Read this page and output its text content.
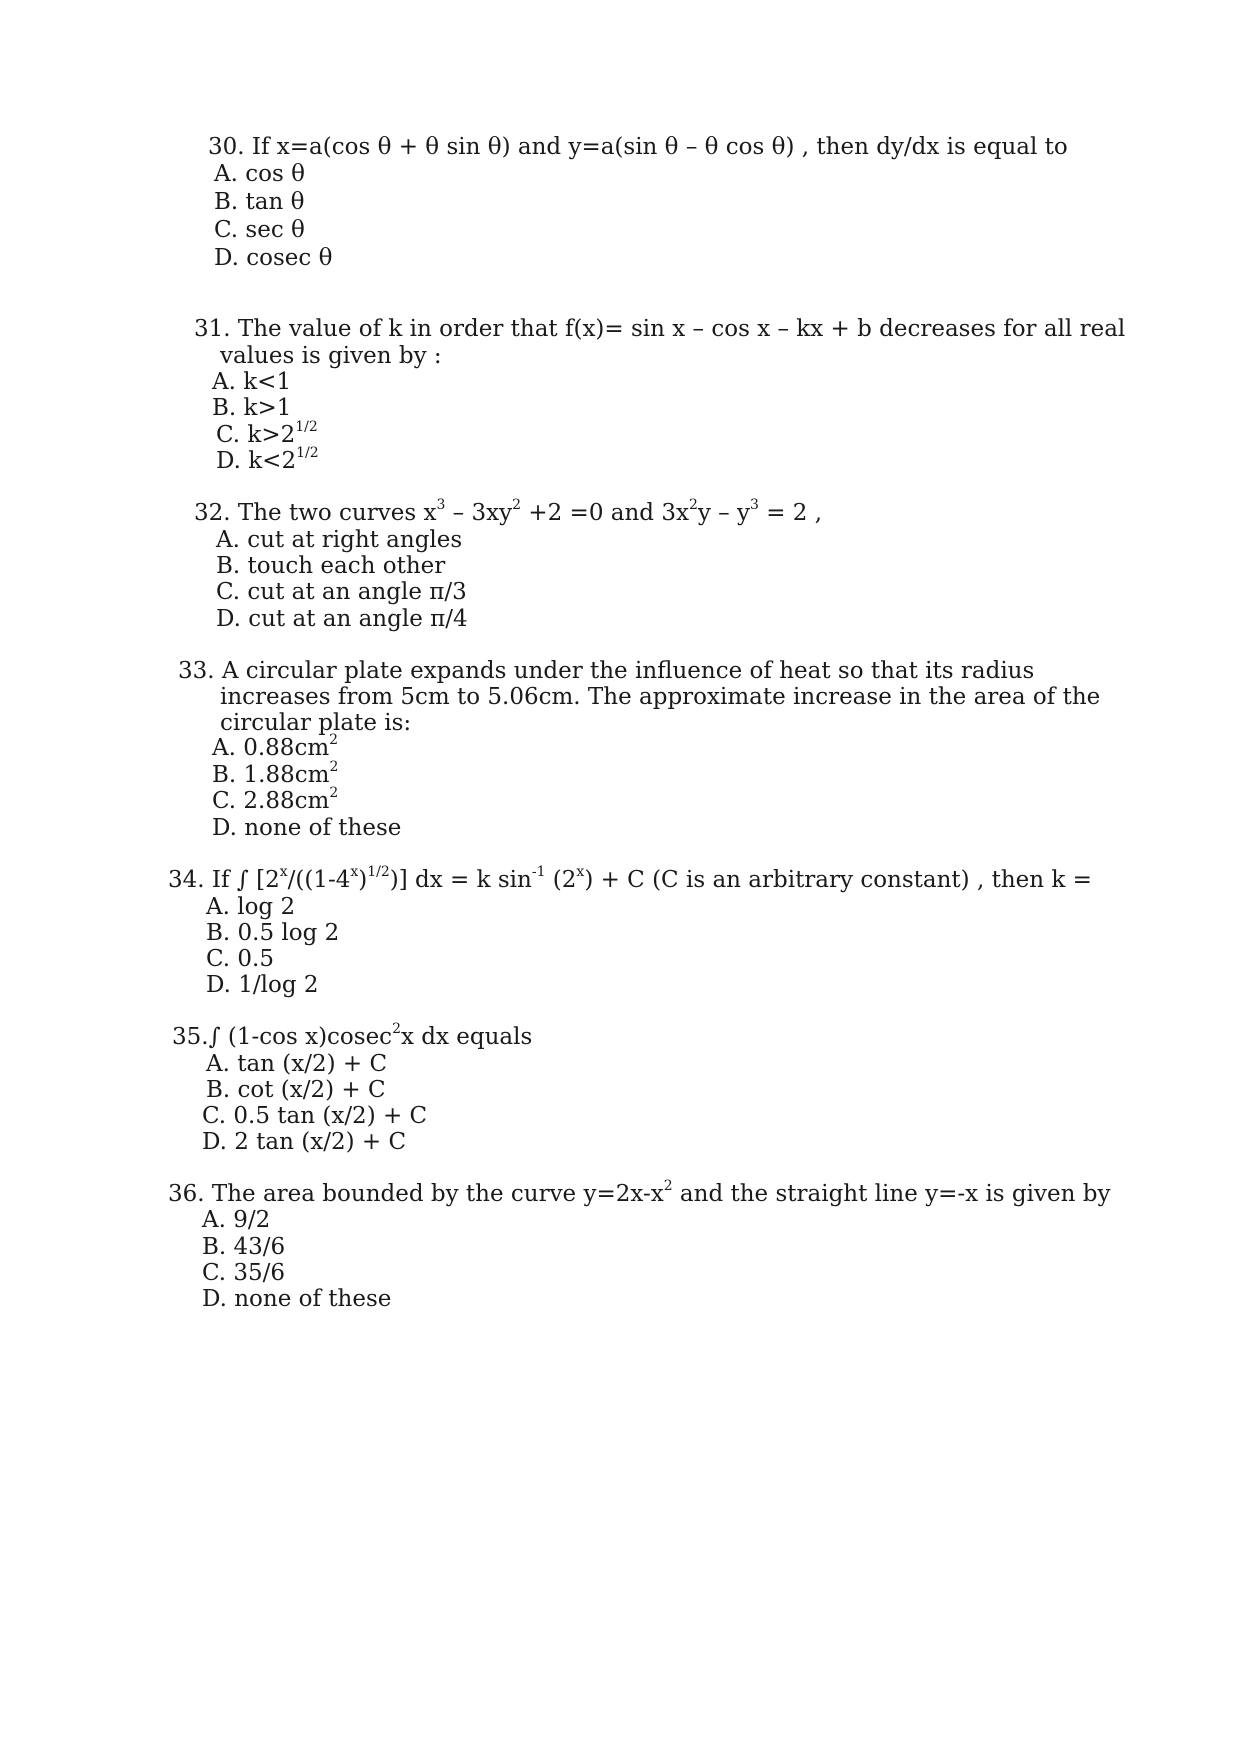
30. If x=a(cos θ + θ sin θ) and y=a(sin θ – θ cos θ) , then dy/dx is equal to
A. cos θ
B. tan θ
C. sec θ
D. cosec θ
31. The value of k in order that f(x)= sin x – cos x – kx + b decreases for all real
values is given by :
A. k<1
B. k>1
C. $k>2^{1/2}$
D. $k<2^{1/2}$
32. The two curves $x^3 - 3xy^2 +2 =0$ and $3x^2y - y^3 = 2$ ,
A. cut at right angles
B. touch each other
C. cut at an angle π/3
D. cut at an angle π/4
33. A circular plate expands under the influence of heat so that its radius
increases from 5cm to 5.06cm. The approximate increase in the area of the
circular plate is:
A. $0.88cm^2$
B. $1.88cm^2$
C. $2.88cm^2$
D. none of these
34. If ∫ $[2^x/((1-4^x)^{1/2})]$ dx = k $\sin^{-1} (2^x) + C$ (C is an arbitrary constant) , then k =
A. log 2
B. 0.5 log 2
C. 0.5
D. 1/log 2
35.∫ (1-cos x)cosec$^2$x dx equals
A. tan (x/2) + C
B. cot (x/2) + C
C. 0.5 tan (x/2) + C
D. 2 tan (x/2) + C
36. The area bounded by the curve $y=2x-x^2$ and the straight line y=-x is given by
A. 9/2
B. 43/6
C. 35/6
D. none of these
